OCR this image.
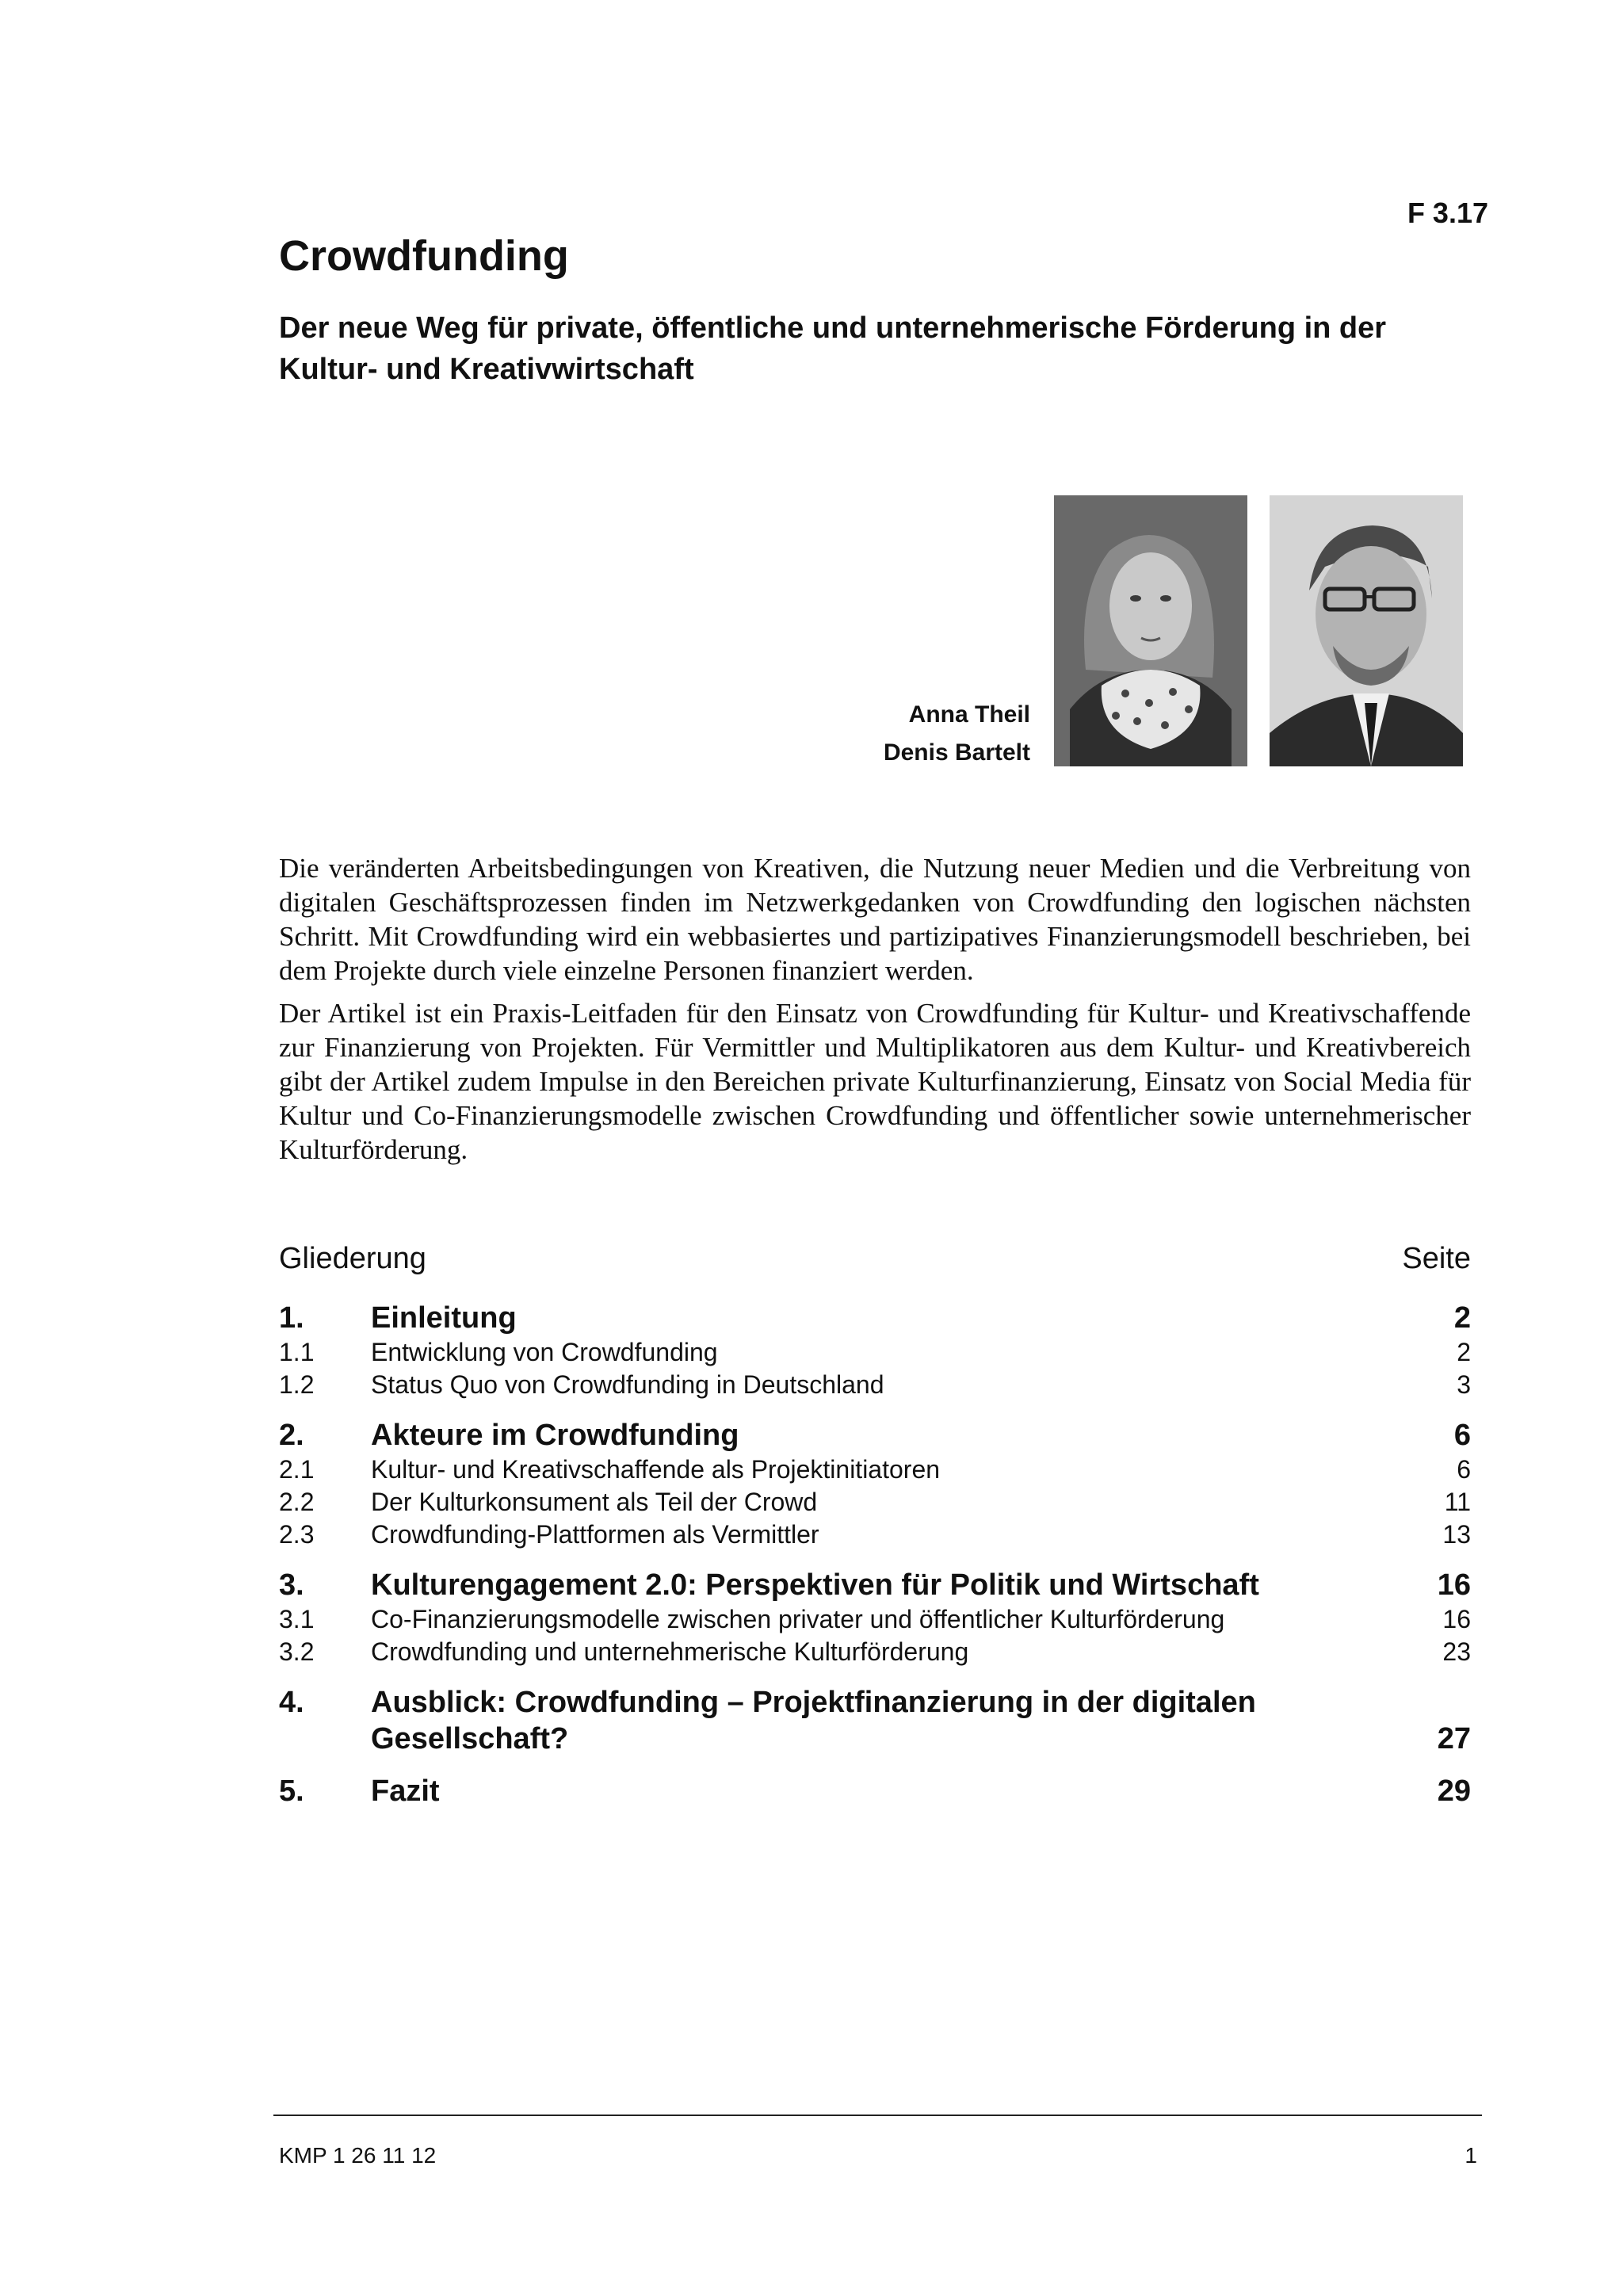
F 3.17
Crowdfunding
Der neue Weg für private, öffentliche und unternehmerische Förderung in der Kultur- und Kreativwirtschaft
Anna Theil
Denis Bartelt

Die veränderten Arbeitsbedingungen von Kreativen, die Nutzung neuer Medien und die Verbreitung von digitalen Geschäftsprozessen finden im Netzwerkgedanken von Crowdfunding den logischen nächsten Schritt. Mit Crowdfunding wird ein webbasiertes und partizipatives Finanzierungsmodell beschrieben, bei dem Projekte durch viele einzelne Personen finanziert werden.

Der Artikel ist ein Praxis-Leitfaden für den Einsatz von Crowdfunding für Kultur- und Kreativschaffende zur Finanzierung von Projekten. Für Vermittler und Multiplikatoren aus dem Kultur- und Kreativbereich gibt der Artikel zudem Impulse in den Bereichen private Kulturfinanzierung, Einsatz von Social Media für Kultur und Co-Finanzierungsmodelle zwischen Crowdfunding und öffentlicher sowie unternehmerischer Kulturförderung.

Gliederung	Seite
1. Einleitung	2
1.1 Entwicklung von Crowdfunding	2
1.2 Status Quo von Crowdfunding in Deutschland	3
2. Akteure im Crowdfunding	6
2.1 Kultur- und Kreativschaffende als Projektinitiatoren	6
2.2 Der Kulturkonsument als Teil der Crowd	11
2.3 Crowdfunding-Plattformen als Vermittler	13
3. Kulturengagement 2.0: Perspektiven für Politik und Wirtschaft	16
3.1 Co-Finanzierungsmodelle zwischen privater und öffentlicher Kulturförderung	16
3.2 Crowdfunding und unternehmerische Kulturförderung	23
4. Ausblick: Crowdfunding – Projektfinanzierung in der digitalen Gesellschaft?	27
5. Fazit	29
KMP 1 26 11 12	1
